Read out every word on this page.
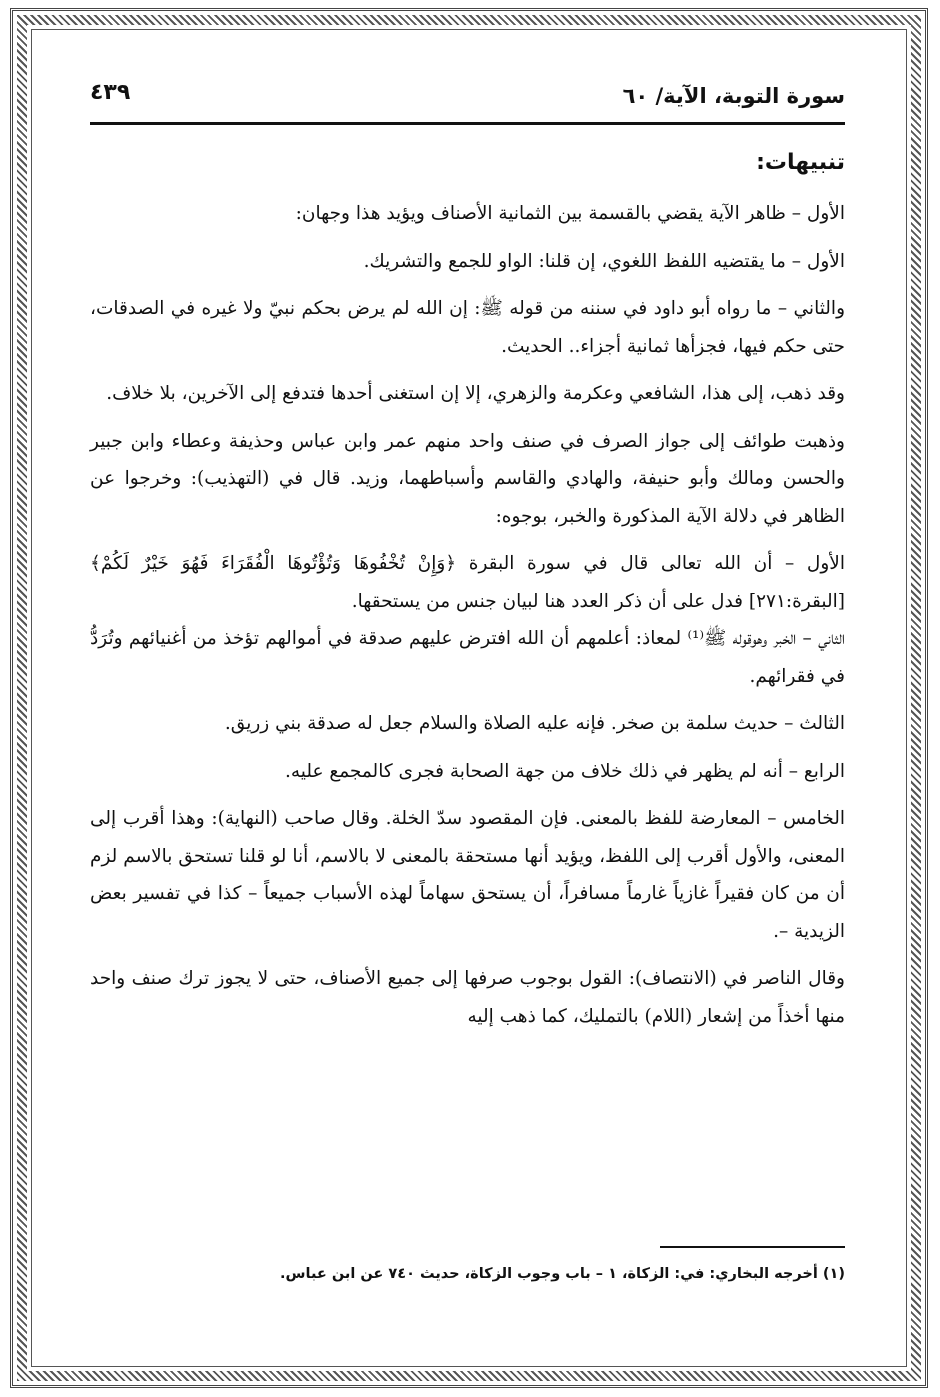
سورة التوبة، الآية/ ٦٠
٤٣٩
تنبيهات:

الأول – ظاهر الآية يقضي بالقسمة بين الثمانية الأصناف ويؤيد هذا وجهان:

الأول – ما يقتضيه اللفظ اللغوي، إن قلنا: الواو للجمع والتشريك.

والثاني – ما رواه أبو داود في سننه من قوله ﷺ: إن الله لم يرض بحكم نبيّ ولا غيره في الصدقات، حتى حكم فيها، فجزأها ثمانية أجزاء.. الحديث.

وقد ذهب، إلى هذا، الشافعي وعكرمة والزهري، إلا إن استغنى أحدها فتدفع إلى الآخرين، بلا خلاف.

وذهبت طوائف إلى جواز الصرف في صنف واحد منهم عمر وابن عباس وحذيفة وعطاء وابن جبير والحسن ومالك وأبو حنيفة، والهادي والقاسم وأسباطهما، وزيد. قال في (التهذيب): وخرجوا عن الظاهر في دلالة الآية المذكورة والخبر، بوجوه:

الأول – أن الله تعالى قال في سورة البقرة ﴿وَإِنْ تُخْفُوهَا وَتُؤْتُوهَا الْفُقَرَاءَ فَهُوَ خَيْرٌ لَكُمْ﴾ [البقرة:٢٧١] فدل على أن ذكر العدد هنا لبيان جنس من يستحقها.

الثاني – الخبر وهوقوله ﷺ⁽¹⁾ لمعاذ: أعلمهم أن الله افترض عليهم صدقة في أموالهم تؤخذ من أغنيائهم وتُرَدُّ في فقرائهم.

الثالث – حديث سلمة بن صخر. فإنه عليه الصلاة والسلام جعل له صدقة بني زريق.

الرابع – أنه لم يظهر في ذلك خلاف من جهة الصحابة فجرى كالمجمع عليه.

الخامس – المعارضة للفظ بالمعنى. فإن المقصود سدّ الخلة. وقال صاحب (النهاية): وهذا أقرب إلى المعنى، والأول أقرب إلى اللفظ، ويؤيد أنها مستحقة بالمعنى لا بالاسم، أنا لو قلنا تستحق بالاسم لزم أن من كان فقيراً غازياً غارماً مسافراً، أن يستحق سهاماً لهذه الأسباب جميعاً – كذا في تفسير بعض الزيدية –.

وقال الناصر في (الانتصاف): القول بوجوب صرفها إلى جميع الأصناف، حتى لا يجوز ترك صنف واحد منها أخذاً من إشعار (اللام) بالتمليك، كما ذهب إليه

(١) أخرجه البخاري: في: الزكاة، ١ – باب وجوب الزكاة، حديث ٧٤٠ عن ابن عباس.
